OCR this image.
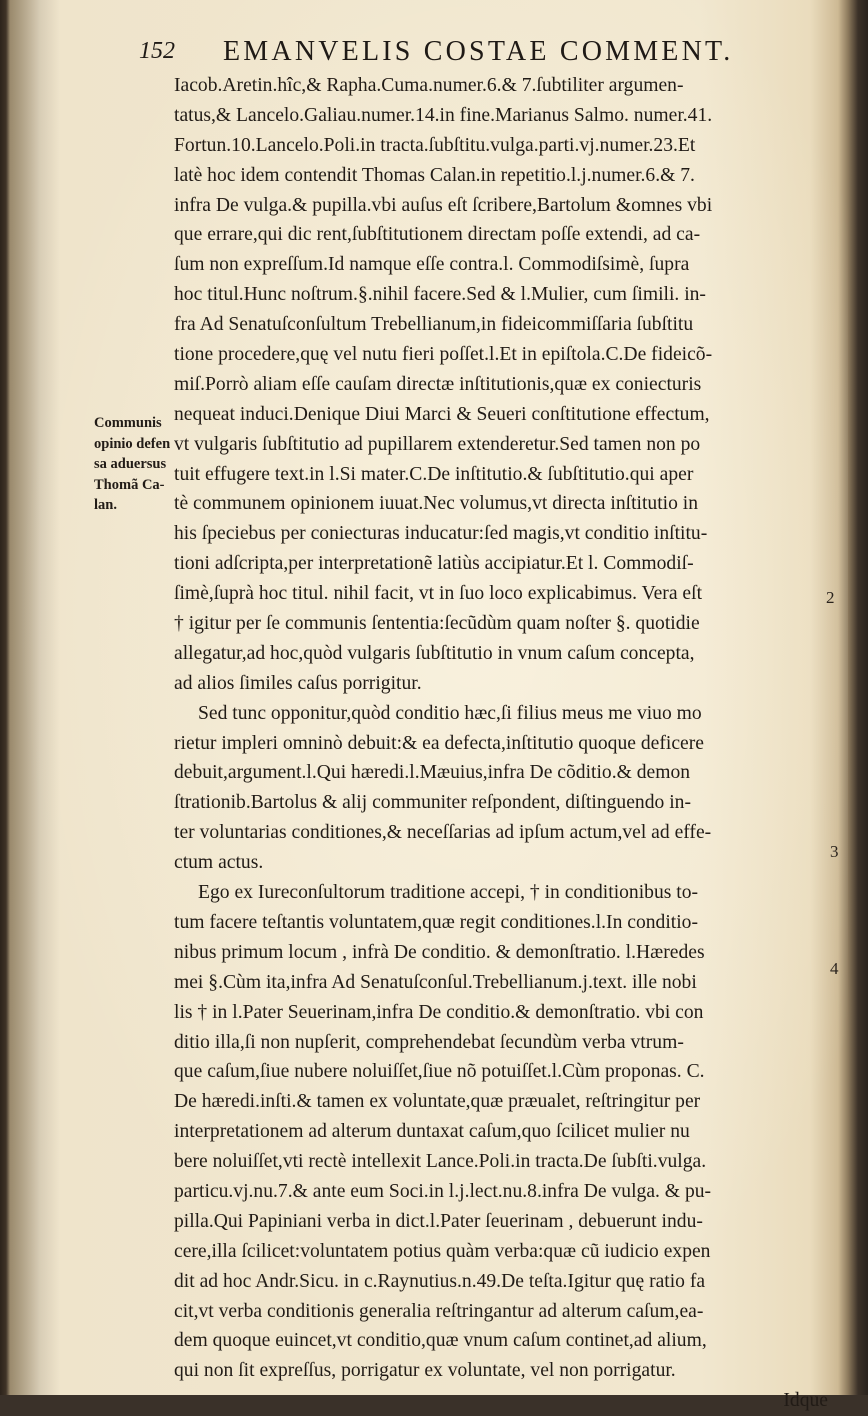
152 EMANVELIS COSTAE COMMENT.
Communis
opinio defen
sa aduersus
Thomã Ca-
lan.
2
3
4
Iacob.Aretin.hîc,& Rapha.Cuma.numer.6.& 7.ſubtiliter argumen-
tatus,& Lancelo.Galiau.numer.14.in fine.Marianus Salmo. numer.41.
Fortun.10.Lancelo.Poli.in tracta.ſubſtitu.vulga.parti.vj.numer.23.Et
latè hoc idem contendit Thomas Calan.in repetitio.l.j.numer.6.& 7.
infra De vulga.& pupilla.vbi auſus eſt ſcribere,Bartolum &omnes vbi
que errare,qui dic rent,ſubſtitutionem directam poſſe extendi, ad ca-
ſum non expreſſum.Id namque eſſe contra.l. Commodiſsimè, ſupra
hoc titul.Hunc noſtrum.§.nihil facere.Sed & l.Mulier, cum ſimili. in-
fra Ad Senatuſconſultum Trebellianum,in fideicommiſſaria ſubſtitu
tione procedere,quę vel nutu fieri poſſet.l.Et in epiſtola.C.De fideicõ-
miſ.Porrò aliam eſſe cauſam directæ inſtitutionis,quæ ex coniecturis
nequeat induci.Denique Diui Marci & Seueri conſtitutione effectum,
vt vulgaris ſubſtitutio ad pupillarem extenderetur.Sed tamen non po
tuit effugere text.in l.Si mater.C.De inſtitutio.& ſubſtitutio.qui aper
tè communem opinionem iuuat.Nec volumus,vt directa inſtitutio in
his ſpeciebus per coniecturas inducatur:ſed magis,vt conditio inſtitu-
tioni adſcripta,per interpretationẽ latiùs accipiatur.Et l. Commodiſ-
ſimè,ſuprà hoc titul. nihil facit, vt in ſuo loco explicabimus. Vera eſt
† igitur per ſe communis ſententia:ſecũdùm quam noſter §. quotidie
allegatur,ad hoc,quòd vulgaris ſubſtitutio in vnum caſum concepta,
ad alios ſimiles caſus porrigitur.
Sed tunc opponitur,quòd conditio hæc,ſi filius meus me viuo mo
rietur impleri omninò debuit:& ea defecta,inſtitutio quoque deficere
debuit,argument.l.Qui hæredi.l.Mæuius,infra De cõditio.& demon
ſtrationib.Bartolus & alij communiter reſpondent, diſtinguendo in-
ter voluntarias conditiones,& neceſſarias ad ipſum actum,vel ad effe-
ctum actus.
Ego ex Iureconſultorum traditione accepi, † in conditionibus to-
tum facere teſtantis voluntatem,quæ regit conditiones.l.In conditio-
nibus primum locum , infrà De conditio. & demonſtratio. l.Hæredes
mei §.Cùm ita,infra Ad Senatuſconſul.Trebellianum.j.text. ille nobi
lis † in l.Pater Seuerinam,infra De conditio.& demonſtratio. vbi con
ditio illa,ſi non nupſerit, comprehendebat ſecundùm verba vtrum-
que caſum,ſiue nubere noluiſſet,ſiue nõ potuiſſet.l.Cùm proponas. C.
De hæredi.inſti.& tamen ex voluntate,quæ præualet, reſtringitur per
interpretationem ad alterum duntaxat caſum,quo ſcilicet mulier nu
bere noluiſſet,vti rectè intellexit Lance.Poli.in tracta.De ſubſti.vulga.
particu.vj.nu.7.& ante eum Soci.in l.j.lect.nu.8.infra De vulga. & pu-
pilla.Qui Papiniani verba in dict.l.Pater ſeuerinam , debuerunt indu-
cere,illa ſcilicet:voluntatem potius quàm verba:quæ cũ iudicio expen
dit ad hoc Andr.Sicu. in c.Raynutius.n.49.De teſta.Igitur quę ratio fa
cit,vt verba conditionis generalia reſtringantur ad alterum caſum,ea-
dem quoque euincet,vt conditio,quæ vnum caſum continet,ad alium,
qui non ſit expreſſus, porrigatur ex voluntate, vel non porrigatur.
Idque
